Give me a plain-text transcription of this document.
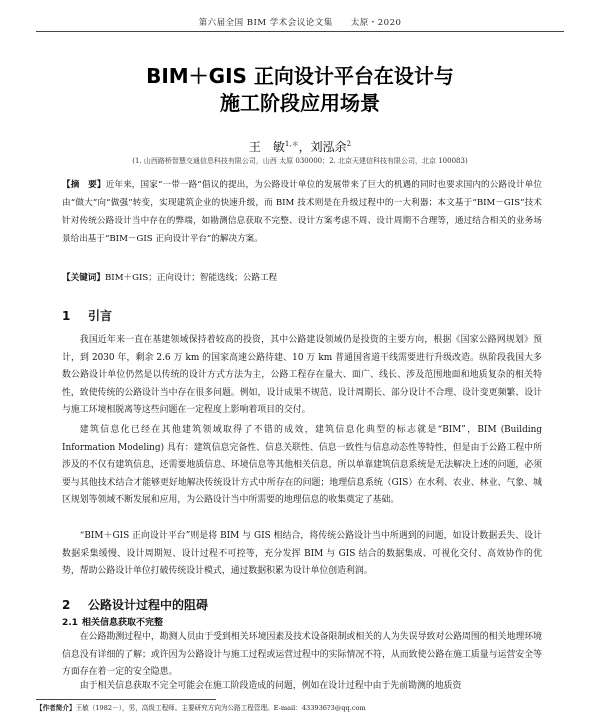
第六届全国 BIM 学术会议论文集　　太原・2020
BIM＋GIS 正向设计平台在设计与
施工阶段应用场景
王　敏$^{1,*}$，刘泓余$^2$
(1. 山西路桥智慧交通信息科技有限公司，山西 太原 030000；2. 北京天建信科技有限公司，北京 100083)
【摘　要】近年来，国家“一带一路”倡议的提出，为公路设计单位的发展带来了巨大的机遇的同时也要求国内的公路设计单位由“做大”向“做强”转变，实现建筑企业的快速升级，而 BIM 技术则是在升级过程中的一大利器；本文基于“BIM－GIS”技术针对传统公路设计当中存在的弊端，如勘测信息获取不完整、设计方案考虑不周、设计周期不合理等，通过结合相关的业务场景给出基于“BIM－GIS 正向设计平台”的解决方案。
【关键词】BIM＋GIS；正向设计；智能选线；公路工程
1 引言

我国近年来一直在基建领域保持着较高的投资，其中公路建设领域仍是投资的主要方向，根据《国家公路网规划》预计，到 2030 年，剩余 2.6 万 km 的国家高速公路待建、10 万 km 普通国省道干线需要进行升级改造。纵阶段我国大多数公路设计单位仍然是以传统的设计方式方法为主，公路工程存在量大、面广、线长、涉及范围地面和地质复杂的相关特性，致使传统的公路设计当中存在很多问题。例如，设计成果不规范、设计周期长、部分设计不合理、设计变更频繁、设计与施工环境相脱离等这些问题在一定程度上影响着项目的交付。

建筑信息化已经在其他建筑领域取得了不错的成效，建筑信息化典型的标志就是“BIM”，BIM (Building Information Modeling) 具有：建筑信息完备性、信息关联性、信息一致性与信息动态性等特性，但是由于公路工程中所涉及的不仅有建筑信息，还需要地质信息、环境信息等其他相关信息，所以单靠建筑信息系统是无法解决上述的问题，必须要与其他技术结合才能够更好地解决传统设计方式中所存在的问题；地理信息系统（GIS）在水利、农业、林业、气象、城区规划等领域不断发展和应用，为公路设计当中所需要的地理信息的收集奠定了基础。

“BIM＋GIS 正向设计平台”则是将 BIM 与 GIS 相结合，将传统公路设计当中所遇到的问题，如设计数据丢失、设计数据采集缓慢、设计周期短、设计过程不可控等，充分发挥 BIM 与 GIS 结合的数据集成、可视化交付、高效协作的优势，帮助公路设计单位打破传统设计模式，通过数据积累为设计单位创造利润。

2 公路设计过程中的阻碍
2.1 相关信息获取不完整

在公路勘测过程中，勘测人员由于受到相关环境因素及技术设备限制或相关的人为失误导致对公路周围的相关地理环境信息没有详细的了解；或许因为公路设计与施工过程或运营过程中的实际情况不符，从而致使公路在施工质量与运营安全等方面存在着一定的安全隐患。

由于相关信息获取不完全可能会在施工阶段造成的问题，例如在设计过程中由于先前勘测的地质资

【作者简介】王敏（1982－），男，高级工程师。主要研究方向为公路工程管理。E-mail：433936?3@qq.com
